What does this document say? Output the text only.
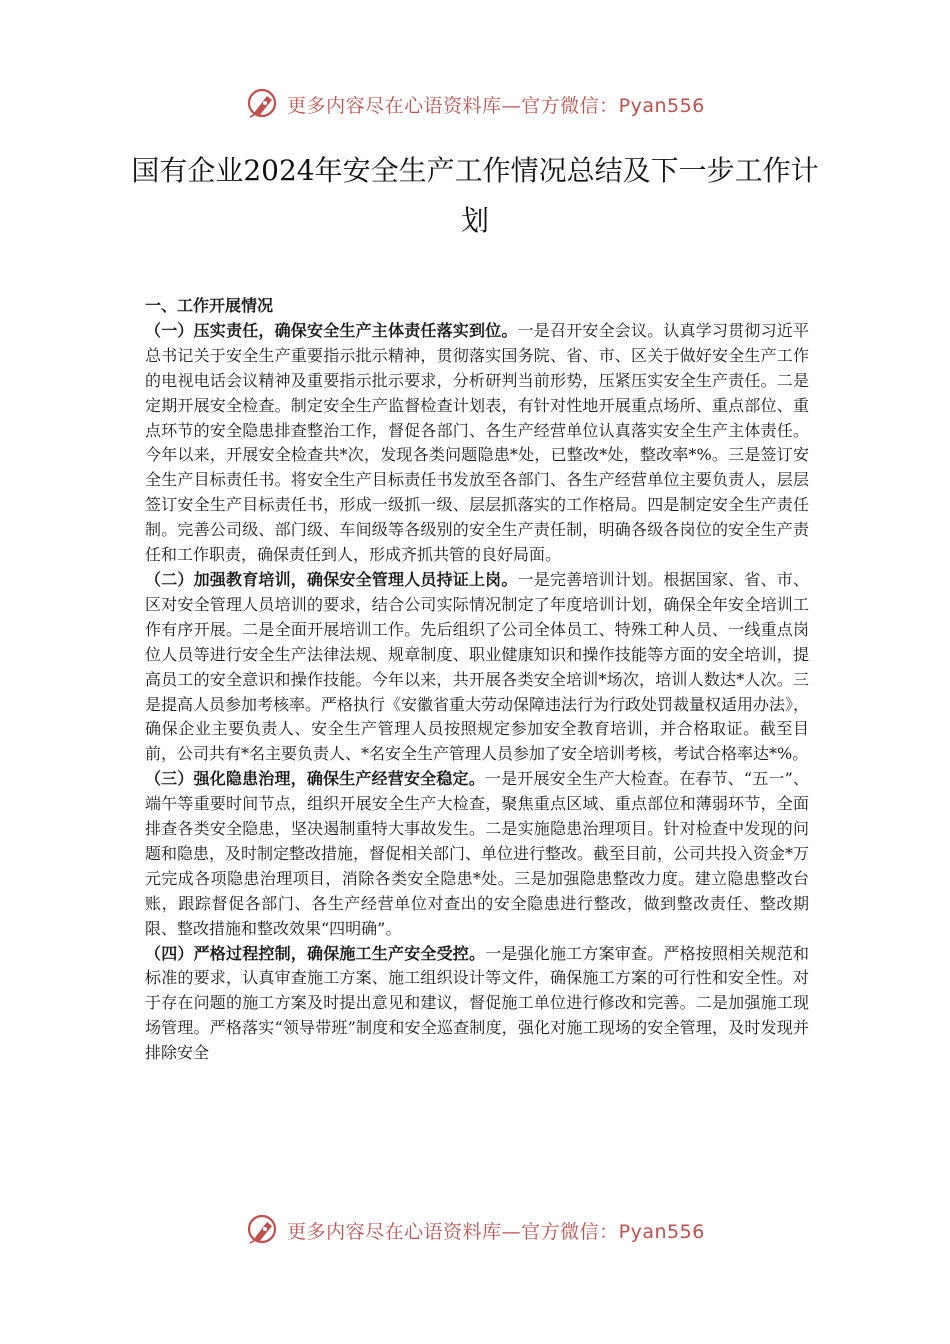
更多内容尽在心语资料库—官方微信：Pyan556
国有企业2024年安全生产工作情况总结及下一步工作计划

一、工作开展情况

（一）压实责任，确保安全生产主体责任落实到位。一是召开安全会议。认真学习贯彻习近平总书记关于安全生产重要指示批示精神，贯彻落实国务院、省、市、区关于做好安全生产工作的电视电话会议精神及重要指示批示要求，分析研判当前形势，压紧压实安全生产责任。二是定期开展安全检查。制定安全生产监督检查计划表，有针对性地开展重点场所、重点部位、重点环节的安全隐患排查整治工作，督促各部门、各生产经营单位认真落实安全生产主体责任。今年以来，开展安全检查共*次，发现各类问题隐患*处，已整改*处，整改率*%。三是签订安全生产目标责任书。将安全生产目标责任书发放至各部门、各生产经营单位主要负责人，层层签订安全生产目标责任书，形成一级抓一级、层层抓落实的工作格局。四是制定安全生产责任制。完善公司级、部门级、车间级等各级别的安全生产责任制，明确各级各岗位的安全生产责任和工作职责，确保责任到人，形成齐抓共管的良好局面。

（二）加强教育培训，确保安全管理人员持证上岗。一是完善培训计划。根据国家、省、市、区对安全管理人员培训的要求，结合公司实际情况制定了年度培训计划，确保全年安全培训工作有序开展。二是全面开展培训工作。先后组织了公司全体员工、特殊工种人员、一线重点岗位人员等进行安全生产法律法规、规章制度、职业健康知识和操作技能等方面的安全培训，提高员工的安全意识和操作技能。今年以来，共开展各类安全培训*场次，培训人数达*人次。三是提高人员参加考核率。严格执行《安徽省重大劳动保障违法行为行政处罚裁量权适用办法》，确保企业主要负责人、安全生产管理人员按照规定参加安全教育培训，并合格取证。截至目前，公司共有*名主要负责人、*名安全生产管理人员参加了安全培训考核，考试合格率达*%。

（三）强化隐患治理，确保生产经营安全稳定。一是开展安全生产大检查。在春节、“五一”、端午等重要时间节点，组织开展安全生产大检查，聚焦重点区域、重点部位和薄弱环节，全面排查各类安全隐患，坚决遏制重特大事故发生。二是实施隐患治理项目。针对检查中发现的问题和隐患，及时制定整改措施，督促相关部门、单位进行整改。截至目前，公司共投入资金*万元完成各项隐患治理项目，消除各类安全隐患*处。三是加强隐患整改力度。建立隐患整改台账，跟踪督促各部门、各生产经营单位对查出的安全隐患进行整改，做到整改责任、整改期限、整改措施和整改效果“四明确”。

（四）严格过程控制，确保施工生产安全受控。一是强化施工方案审查。严格按照相关规范和标准的要求，认真审查施工方案、施工组织设计等文件，确保施工方案的可行性和安全性。对于存在问题的施工方案及时提出意见和建议，督促施工单位进行修改和完善。二是加强施工现场管理。严格落实“领导带班”制度和安全巡查制度，强化对施工现场的安全管理，及时发现并排除安全

更多内容尽在心语资料库—官方微信：Pyan556
